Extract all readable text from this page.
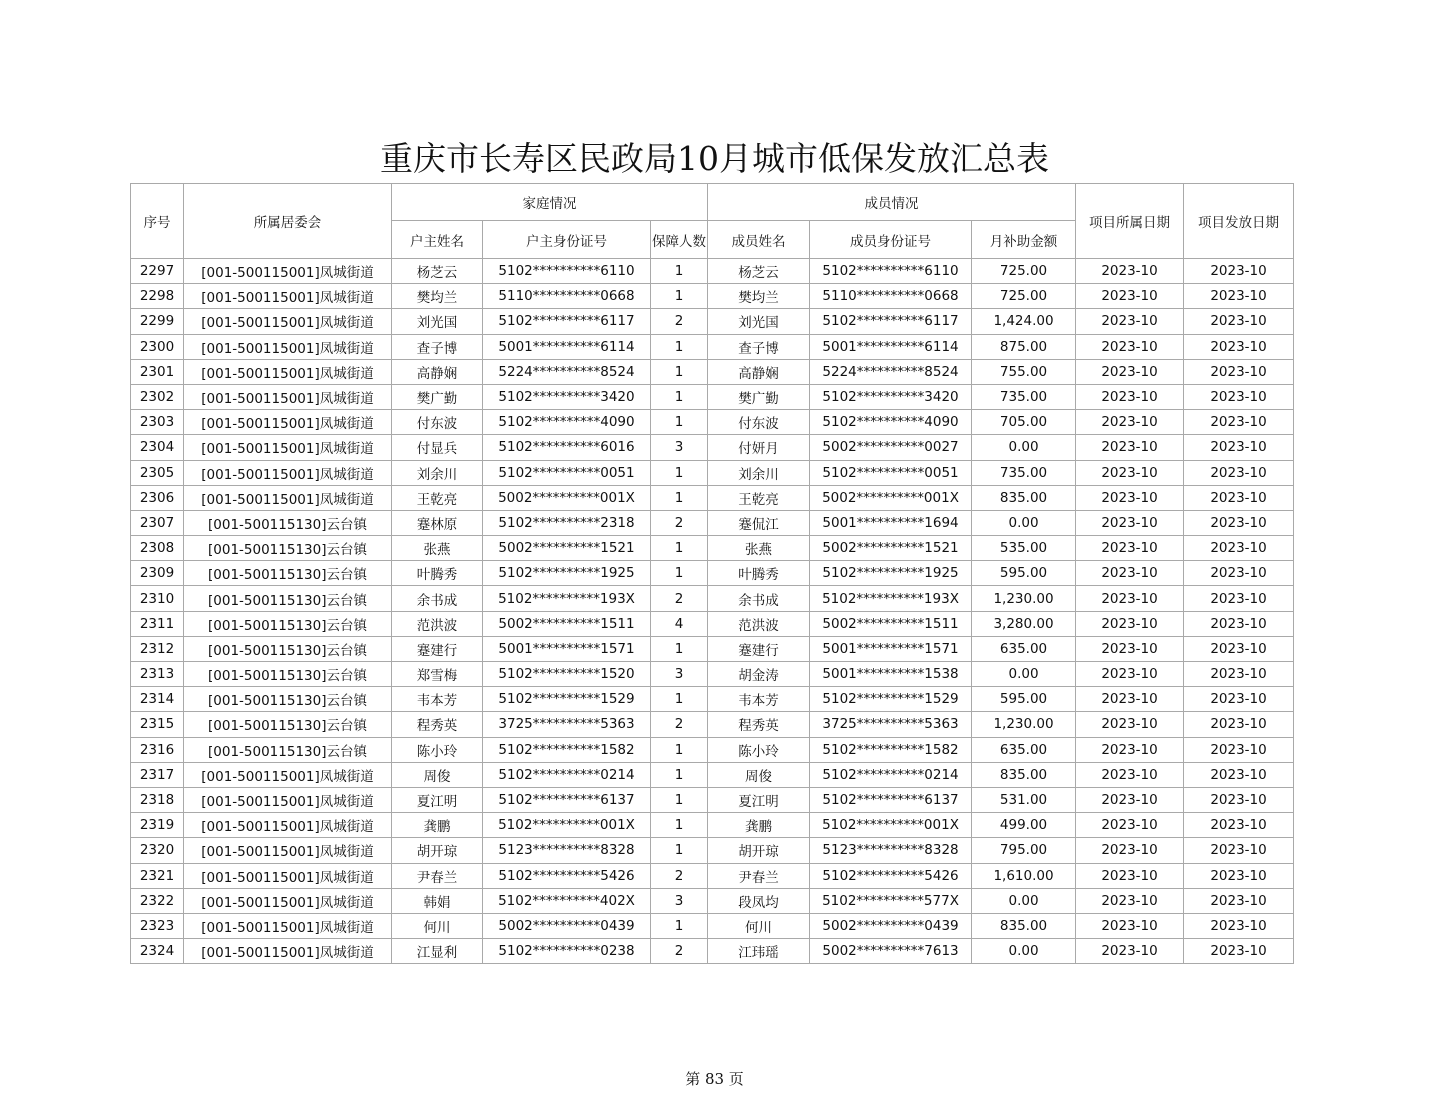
重庆市长寿区民政局10月城市低保发放汇总表
序号	所属居委会	家庭情况			成员情况			项目所属日期	项目发放日期
		户主姓名	户主身份证号	保障人数	成员姓名	成员身份证号	月补助金额		
2297	[001-500115001]凤城街道	杨芝云	5102**********6110	1	杨芝云	5102**********6110	725.00	2023-10	2023-10
2298	[001-500115001]凤城街道	樊均兰	5110**********0668	1	樊均兰	5110**********0668	725.00	2023-10	2023-10
2299	[001-500115001]凤城街道	刘光国	5102**********6117	2	刘光国	5102**********6117	1,424.00	2023-10	2023-10
2300	[001-500115001]凤城街道	查子博	5001**********6114	1	查子博	5001**********6114	875.00	2023-10	2023-10
2301	[001-500115001]凤城街道	高静娴	5224**********8524	1	高静娴	5224**********8524	755.00	2023-10	2023-10
2302	[001-500115001]凤城街道	樊广勤	5102**********3420	1	樊广勤	5102**********3420	735.00	2023-10	2023-10
2303	[001-500115001]凤城街道	付东波	5102**********4090	1	付东波	5102**********4090	705.00	2023-10	2023-10
2304	[001-500115001]凤城街道	付显兵	5102**********6016	3	付妍月	5002**********0027	0.00	2023-10	2023-10
2305	[001-500115001]凤城街道	刘余川	5102**********0051	1	刘余川	5102**********0051	735.00	2023-10	2023-10
2306	[001-500115001]凤城街道	王乾亮	5002**********001X	1	王乾亮	5002**********001X	835.00	2023-10	2023-10
2307	[001-500115130]云台镇	蹇林原	5102**********2318	2	蹇侃江	5001**********1694	0.00	2023-10	2023-10
2308	[001-500115130]云台镇	张燕	5002**********1521	1	张燕	5002**********1521	535.00	2023-10	2023-10
2309	[001-500115130]云台镇	叶腾秀	5102**********1925	1	叶腾秀	5102**********1925	595.00	2023-10	2023-10
2310	[001-500115130]云台镇	余书成	5102**********193X	2	余书成	5102**********193X	1,230.00	2023-10	2023-10
2311	[001-500115130]云台镇	范洪波	5002**********1511	4	范洪波	5002**********1511	3,280.00	2023-10	2023-10
2312	[001-500115130]云台镇	蹇建行	5001**********1571	1	蹇建行	5001**********1571	635.00	2023-10	2023-10
2313	[001-500115130]云台镇	郑雪梅	5102**********1520	3	胡金涛	5001**********1538	0.00	2023-10	2023-10
2314	[001-500115130]云台镇	韦本芳	5102**********1529	1	韦本芳	5102**********1529	595.00	2023-10	2023-10
2315	[001-500115130]云台镇	程秀英	3725**********5363	2	程秀英	3725**********5363	1,230.00	2023-10	2023-10
2316	[001-500115130]云台镇	陈小玲	5102**********1582	1	陈小玲	5102**********1582	635.00	2023-10	2023-10
2317	[001-500115001]凤城街道	周俊	5102**********0214	1	周俊	5102**********0214	835.00	2023-10	2023-10
2318	[001-500115001]凤城街道	夏江明	5102**********6137	1	夏江明	5102**********6137	531.00	2023-10	2023-10
2319	[001-500115001]凤城街道	龚鹏	5102**********001X	1	龚鹏	5102**********001X	499.00	2023-10	2023-10
2320	[001-500115001]凤城街道	胡开琼	5123**********8328	1	胡开琼	5123**********8328	795.00	2023-10	2023-10
2321	[001-500115001]凤城街道	尹春兰	5102**********5426	2	尹春兰	5102**********5426	1,610.00	2023-10	2023-10
2322	[001-500115001]凤城街道	韩娟	5102**********402X	3	段凤均	5102**********577X	0.00	2023-10	2023-10
2323	[001-500115001]凤城街道	何川	5002**********0439	1	何川	5002**********0439	835.00	2023-10	2023-10
2324	[001-500115001]凤城街道	江显利	5102**********0238	2	江玮瑶	5002**********7613	0.00	2023-10	2023-10
第 83 页
